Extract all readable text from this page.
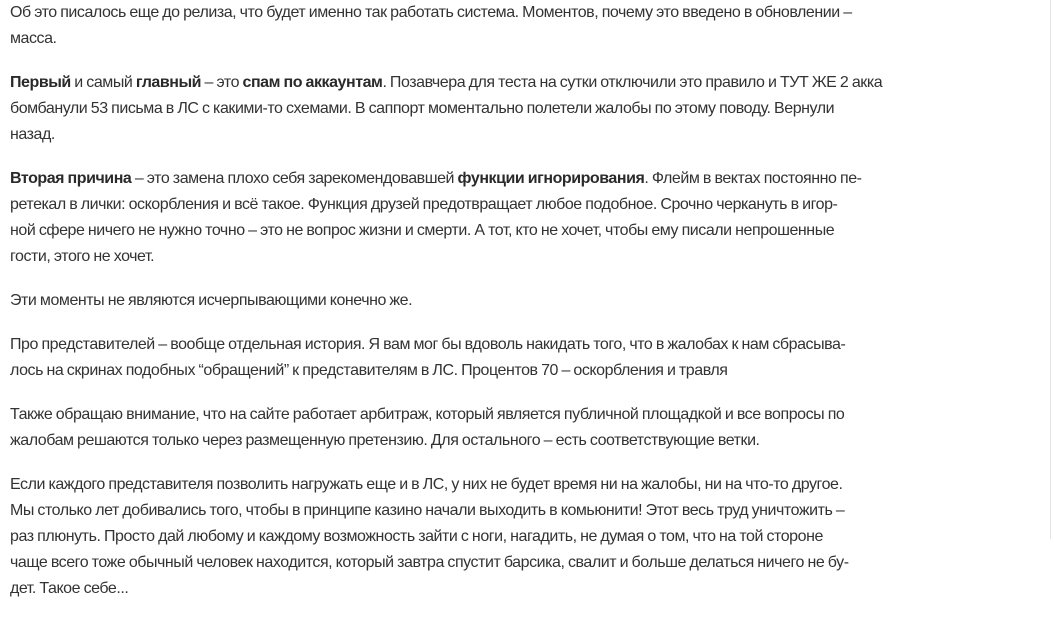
Об это писалось еще до релиза, что будет именно так работать система. Моментов, почему это введено в обновлении –
масса.

Первый и самый главный – это спам по аккаунтам. Позавчера для теста на сутки отключили это правило и ТУТ ЖЕ 2 акка
бомбанули 53 письма в ЛС с какими-то схемами. В саппорт моментально полетели жалобы по этому поводу. Вернули
назад.

Вторая причина – это замена плохо себя зарекомендовавшей функции игнорирования. Флейм в вектах постоянно пе-
ретекал в лички: оскорбления и всё такое. Функция друзей предотвращает любое подобное. Срочно черкануть в игор-
ной сфере ничего не нужно точно – это не вопрос жизни и смерти. А тот, кто не хочет, чтобы ему писали непрошенные
гости, этого не хочет.

Эти моменты не являются исчерпывающими конечно же.

Про представителей – вообще отдельная история. Я вам мог бы вдоволь накидать того, что в жалобах к нам сбрасыва-
лось на скринах подобных “обращений” к представителям в ЛС. Процентов 70 – оскорбления и травля

Также обращаю внимание, что на сайте работает арбитраж, который является публичной площадкой и все вопросы по
жалобам решаются только через размещенную претензию. Для остального – есть соответствующие ветки.

Если каждого представителя позволить нагружать еще и в ЛС, у них не будет время ни на жалобы, ни на что-то другое.
Мы столько лет добивались того, чтобы в принципе казино начали выходить в комьюнити! Этот весь труд уничтожить –
раз плюнуть. Просто дай любому и каждому возможность зайти с ноги, нагадить, не думая о том, что на той стороне
чаще всего тоже обычный человек находится, который завтра спустит барсика, свалит и больше делаться ничего не бу-
дет. Такое себе...
